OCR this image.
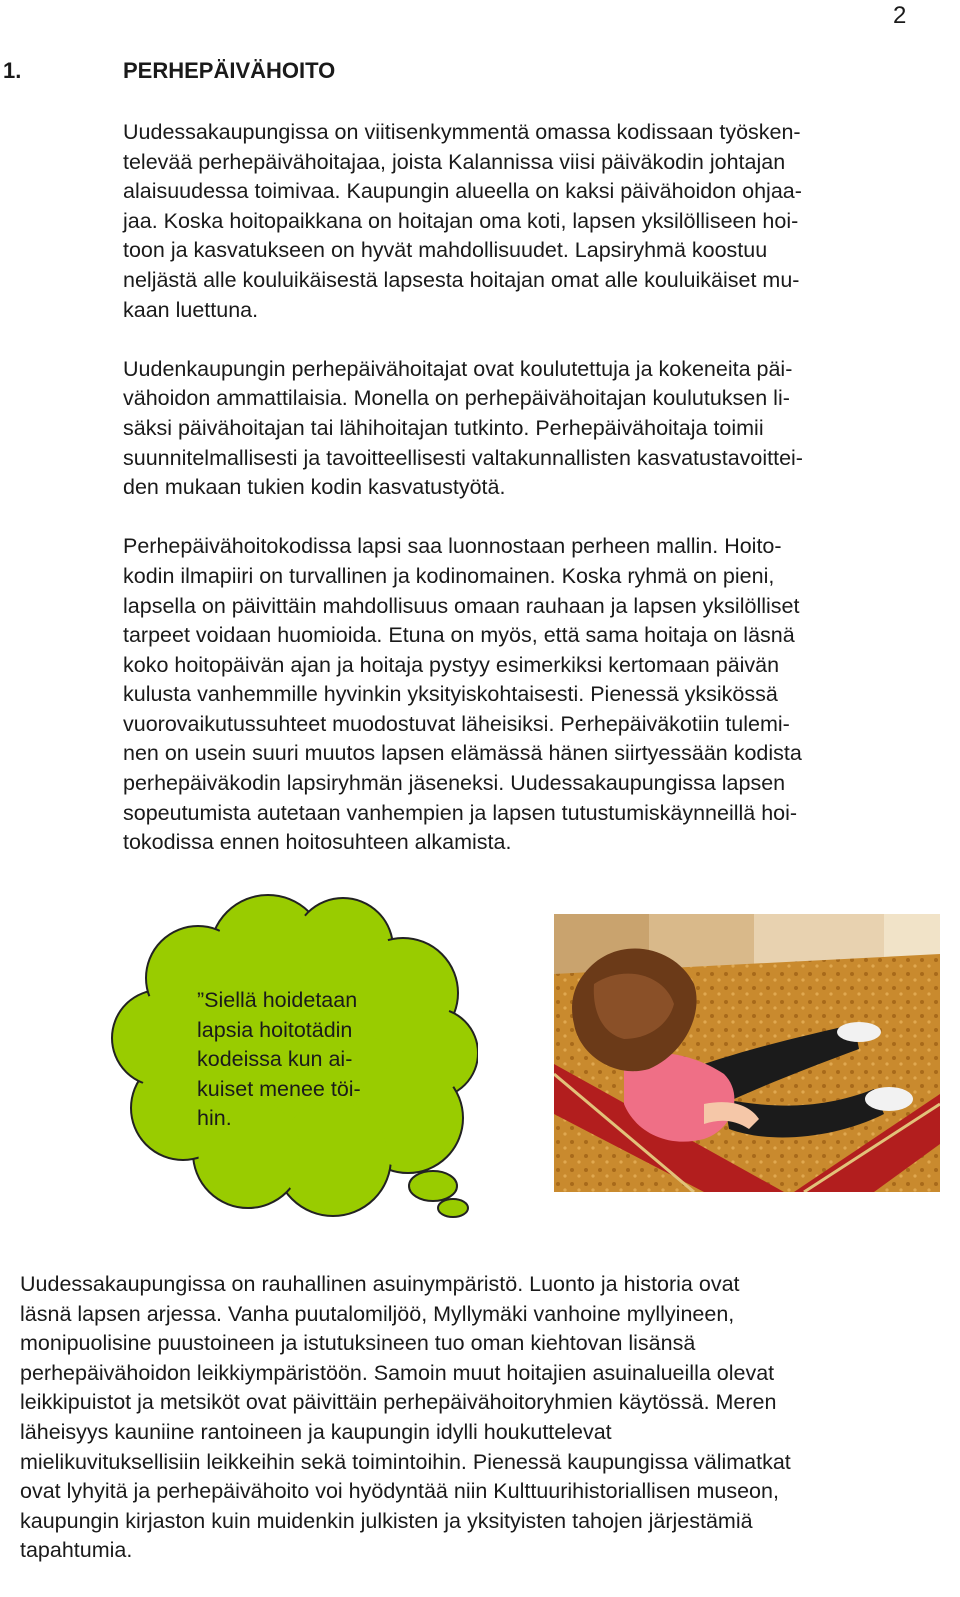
2
1.	PERHEPÄIVÄHOITO

Uudessakaupungissa on viitisenkymmentä omassa kodissaan työsken-
televää perhepäivähoitajaa, joista Kalannissa viisi päiväkodin johtajan
alaisuudessa toimivaa. Kaupungin alueella on kaksi päivähoidon ohjaa-
jaa. Koska hoitopaikkana on hoitajan oma koti, lapsen yksilölliseen hoi-
toon ja kasvatukseen on hyvät mahdollisuudet. Lapsiryhmä koostuu
neljästä alle kouluikäisestä lapsesta hoitajan omat alle kouluikäiset mu-
kaan luettuna.

Uudenkaupungin perhepäivähoitajat ovat koulutettuja ja kokeneita päi-
vähoidon ammattilaisia. Monella on perhepäivähoitajan koulutuksen li-
säksi päivähoitajan tai lähihoitajan tutkinto. Perhepäivähoitaja toimii
suunnitelmallisesti ja tavoitteellisesti valtakunnallisten kasvatustavoittei-
den mukaan tukien kodin kasvatustyötä.

Perhepäivähoitokodissa lapsi saa luonnostaan perheen mallin. Hoito-
kodin ilmapiiri on turvallinen ja kodinomainen. Koska ryhmä on pieni,
lapsella on päivittäin mahdollisuus omaan rauhaan ja lapsen yksilölliset
tarpeet voidaan huomioida. Etuna on myös, että sama hoitaja on läsnä
koko hoitopäivän ajan ja hoitaja pystyy esimerkiksi kertomaan päivän
kulusta vanhemmille hyvinkin yksityiskohtaisesti. Pienessä yksikössä
vuorovaikutussuhteet muodostuvat läheisiksi. Perhepäiväkotiin tulemi-
nen on usein suuri muutos lapsen elämässä hänen siirtyessään kodista
perhepäiväkodin lapsiryhmän jäseneksi. Uudessakaupungissa lapsen
sopeutumista autetaan vanhempien ja lapsen tutustumiskäynneillä hoi-
tokodissa ennen hoitosuhteen alkamista.

”Siellä hoidetaan
lapsia hoitotädin
kodeissa kun ai-
kuiset menee töi-
hin.

Uudessakaupungissa on rauhallinen asuinympäristö. Luonto ja historia ovat
läsnä lapsen arjessa. Vanha puutalomiljöö, Myllymäki vanhoine myllyineen,
monipuolisine puustoineen ja istutuksineen tuo oman kiehtovan lisänsä
perhepäivähoidon leikkiympäristöön. Samoin muut hoitajien asuinalueilla olevat
leikkipuistot ja metsiköt ovat päivittäin perhepäivähoitoryhmien käytössä. Meren
läheisyys kauniine rantoineen ja kaupungin idylli houkuttelevat
mielikuvituksellisiin leikkeihin sekä toimintoihin. Pienessä kaupungissa välimatkat
ovat lyhyitä ja perhepäivähoito voi hyödyntää niin Kulttuurihistoriallisen museon,
kaupungin kirjaston kuin muidenkin julkisten ja yksityisten tahojen järjestämiä
tapahtumia.
